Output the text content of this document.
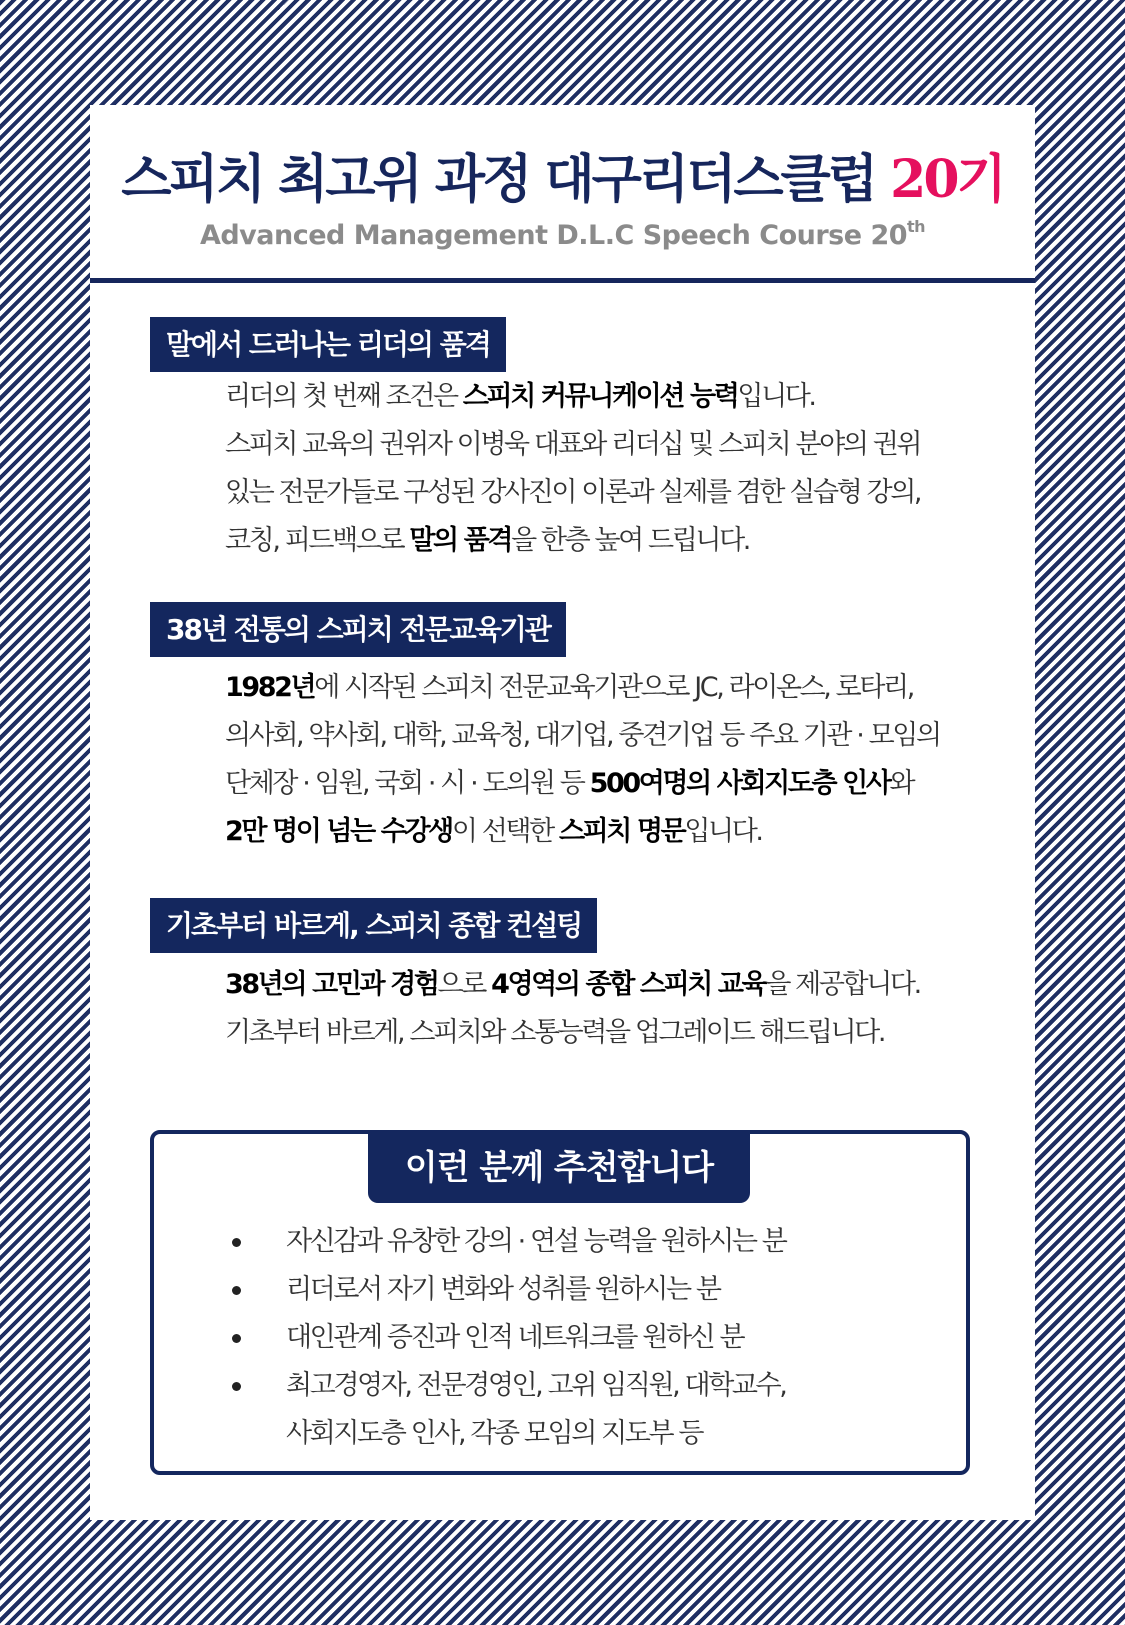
스피치 최고위 과정 대구리더스클럽 20기
Advanced Management D.L.C Speech Course 20th
말에서 드러나는 리더의 품격
리더의 첫 번째 조건은 스피치 커뮤니케이션 능력입니다.
스피치 교육의 권위자 이병욱 대표와 리더십 및 스피치 분야의 권위
있는 전문가들로 구성된 강사진이 이론과 실제를 겸한 실습형 강의,
코칭, 피드백으로 말의 품격을 한층 높여 드립니다.
38년 전통의 스피치 전문교육기관
1982년에 시작된 스피치 전문교육기관으로 JC, 라이온스, 로타리,
의사회, 약사회, 대학, 교육청, 대기업, 중견기업 등 주요 기관 · 모임의
단체장 · 임원, 국회 · 시 · 도의원 등 500여명의 사회지도층 인사와
2만 명이 넘는 수강생이 선택한 스피치 명문입니다.
기초부터 바르게, 스피치 종합 컨설팅
38년의 고민과 경험으로 4영역의 종합 스피치 교육을 제공합니다.
기초부터 바르게, 스피치와 소통능력을 업그레이드 해드립니다.
이런 분께 추천합니다
자신감과 유창한 강의 · 연설 능력을 원하시는 분
리더로서 자기 변화와 성취를 원하시는 분
대인관계 증진과 인적 네트워크를 원하신 분
최고경영자, 전문경영인, 고위 임직원, 대학교수,
사회지도층 인사, 각종 모임의 지도부 등
